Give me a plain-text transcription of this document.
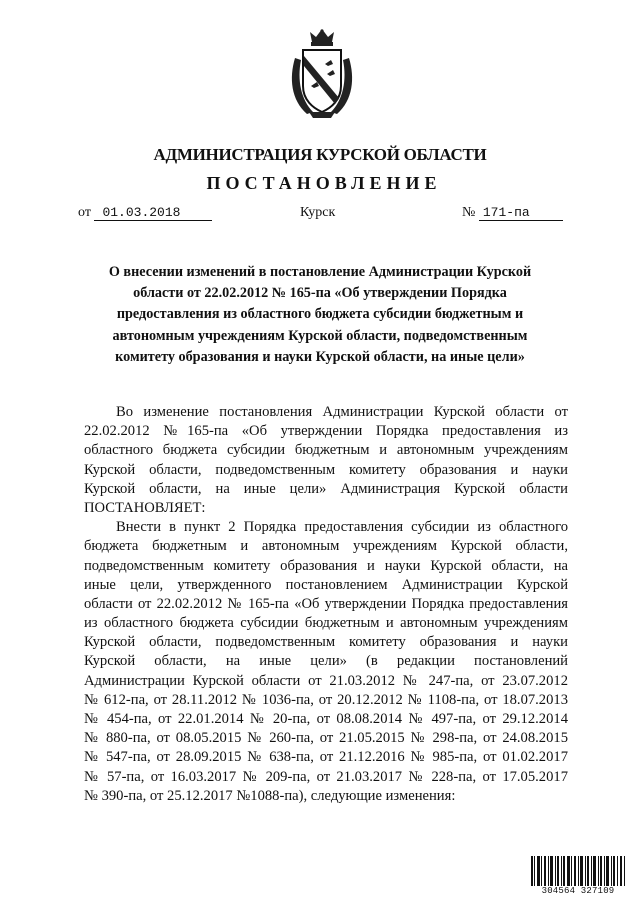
АДМИНИСТРАЦИЯ КУРСКОЙ ОБЛАСТИ
ПОСТАНОВЛЕНИЕ
от 01.03.2018	Курск	№ 171-па
О внесении изменений в постановление Администрации Курской
области от 22.02.2012 № 165-па «Об утверждении Порядка
предоставления из областного бюджета субсидии бюджетным и
автономным учреждениям Курской области, подведомственным
комитету образования и науки Курской области, на иные цели»
Во изменение постановления Администрации Курской области от
22.02.2012 №165-па «Об утверждении Порядка предоставления из
областного бюджета субсидии бюджетным и автономным учреждениям
Курской области, подведомственным комитету образования и науки
Курской области, на иные цели» Администрация Курской области
ПОСТАНОВЛЯЕТ:
Внести в пункт 2 Порядка предоставления субсидии из областного
бюджета бюджетным и автономным учреждениям Курской области,
подведомственным комитету образования и науки Курской области, на
иные цели, утвержденного постановлением Администрации Курской
области от 22.02.2012 № 165-па «Об утверждении Порядка предоставления
из областного бюджета субсидии бюджетным и автономным учреждениям
Курской области, подведомственным комитету образования и науки
Курской области, на иные цели» (в редакции постановлений
Администрации Курской области от 21.03.2012 № 247-па, от 23.07.2012
№ 612-па, от 28.11.2012 № 1036-па, от 20.12.2012 № 1108-па, от 18.07.2013
№ 454-па, от 22.01.2014 № 20-па, от 08.08.2014 № 497-па, от 29.12.2014
№ 880-па, от 08.05.2015 № 260-па, от 21.05.2015 № 298-па, от 24.08.2015
№ 547-па, от 28.09.2015 № 638-па, от 21.12.2016 № 985-па, от 01.02.2017
№ 57-па, от 16.03.2017 № 209-па, от 21.03.2017 № 228-па, от 17.05.2017
№ 390-па, от 25.12.2017 №1088-па), следующие изменения:
304564 327109
